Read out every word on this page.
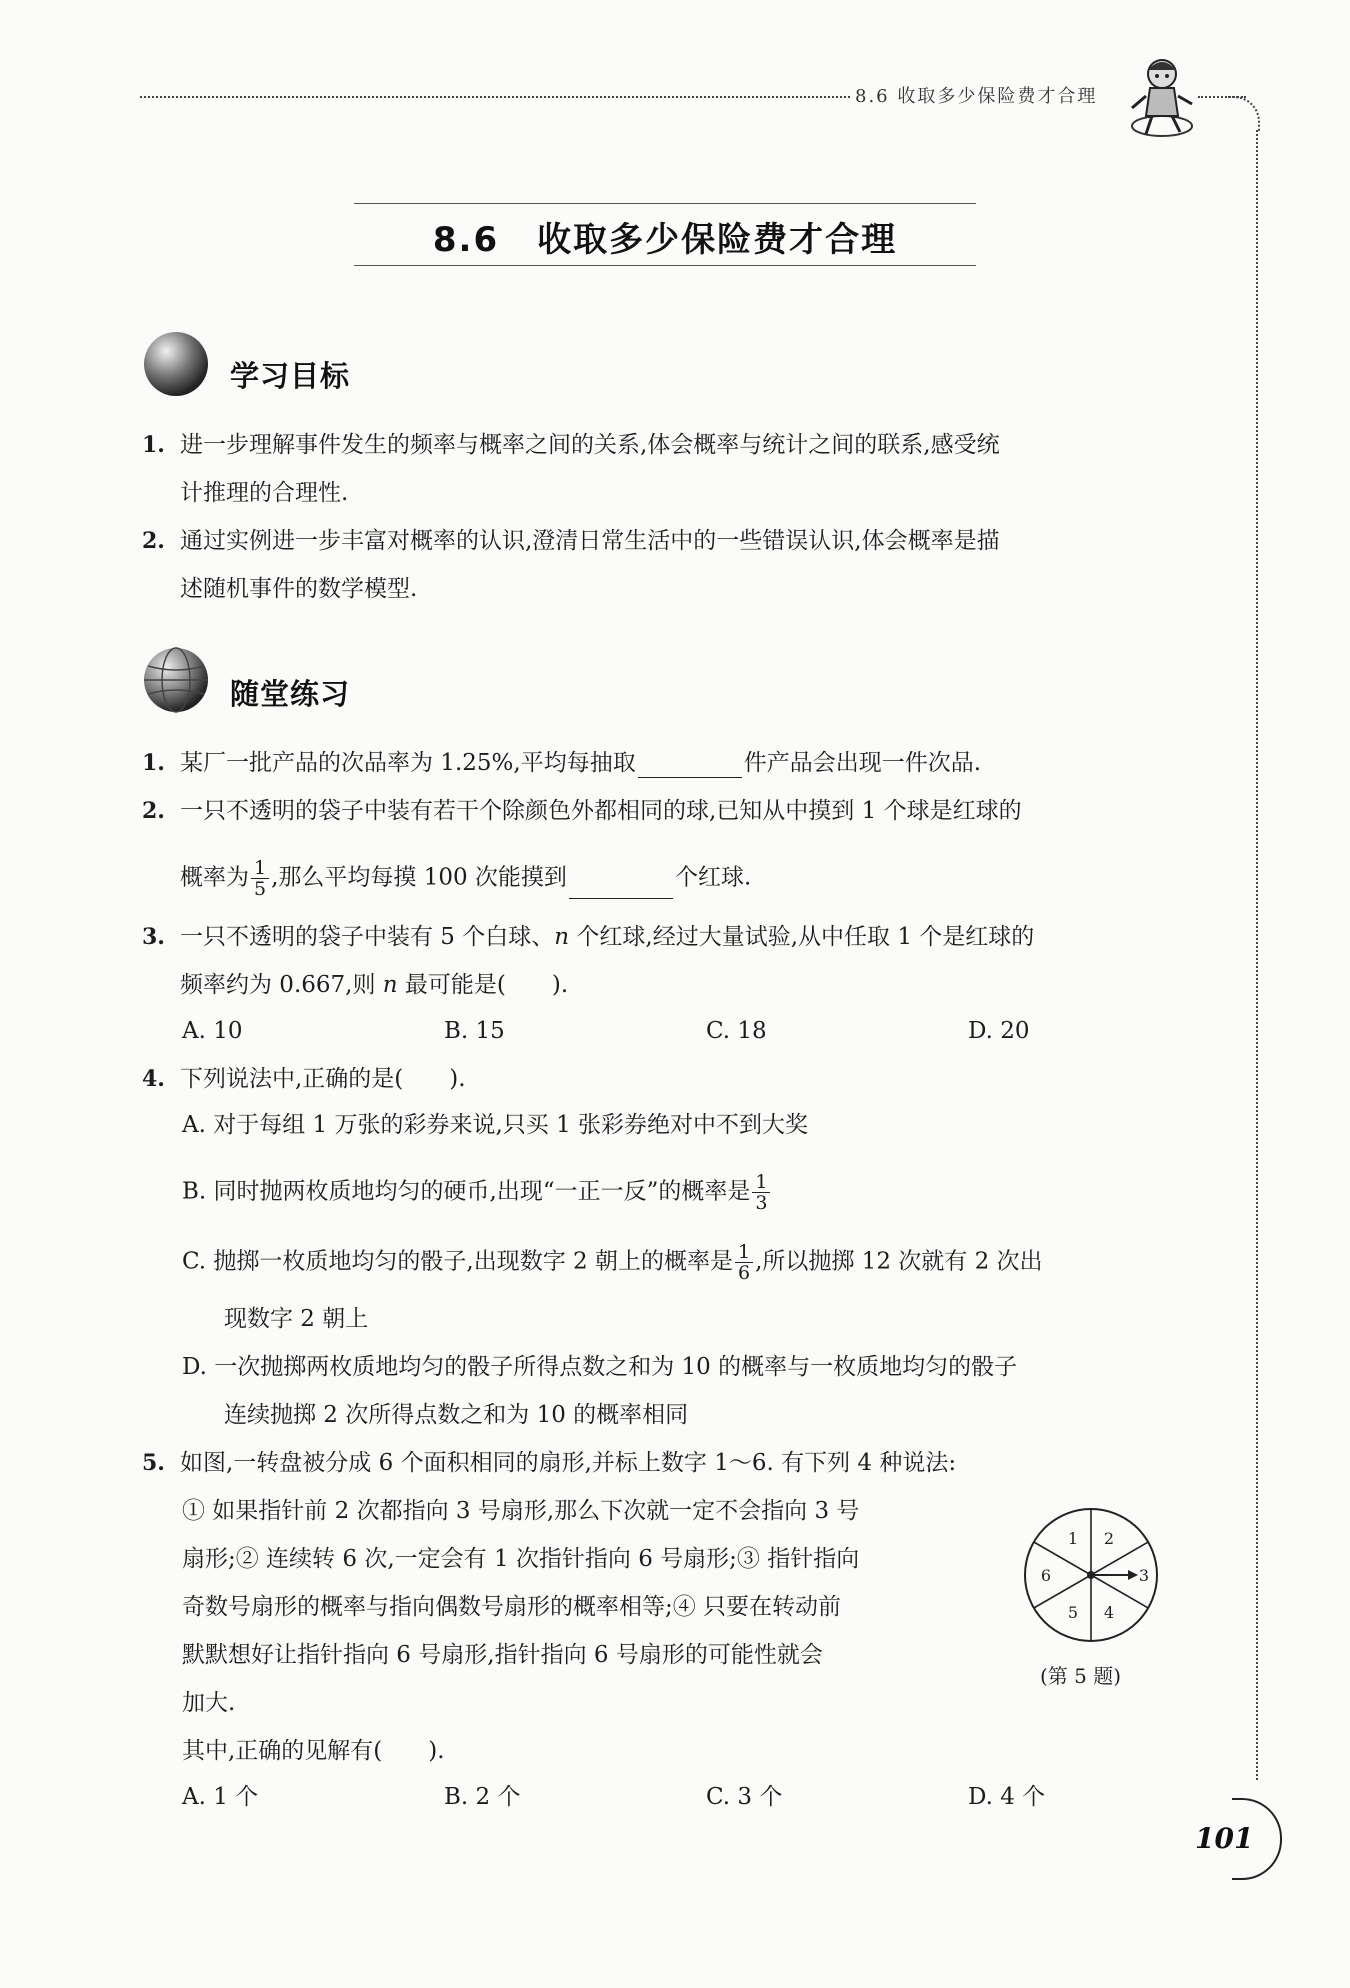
8.6 收取多少保险费才合理
8.6 收取多少保险费才合理
学习目标
1. 进一步理解事件发生的频率与概率之间的关系,体会概率与统计之间的联系,感受统
计推理的合理性.
2. 通过实例进一步丰富对概率的认识,澄清日常生活中的一些错误认识,体会概率是描
述随机事件的数学模型.
随堂练习
1. 某厂一批产品的次品率为 1.25%,平均每抽取	件产品会出现一件次品.
2. 一只不透明的袋子中装有若干个除颜色外都相同的球,已知从中摸到 1 个球是红球的
概率为 $\frac{1}{5}$ ,那么平均每摸 100 次能摸到	个红球.
3. 一只不透明的袋子中装有 5 个白球、n 个红球,经过大量试验,从中任取 1 个是红球的
频率约为 0.667,则 n 最可能是(　　).
A. 10	B. 15	C. 18	D. 20
4. 下列说法中,正确的是(　　).
A. 对于每组 1 万张的彩券来说,只买 1 张彩券绝对中不到大奖
B. 同时抛两枚质地均匀的硬币,出现“一正一反”的概率是 $\frac{1}{3}$
C. 抛掷一枚质地均匀的骰子,出现数字 2 朝上的概率是 $\frac{1}{6}$ ,所以抛掷 12 次就有 2 次出
现数字 2 朝上
D. 一次抛掷两枚质地均匀的骰子所得点数之和为 10 的概率与一枚质地均匀的骰子
连续抛掷 2 次所得点数之和为 10 的概率相同
5. 如图,一转盘被分成 6 个面积相同的扇形,并标上数字 1～6. 有下列 4 种说法:
① 如果指针前 2 次都指向 3 号扇形,那么下次就一定不会指向 3 号
扇形;② 连续转 6 次,一定会有 1 次指针指向 6 号扇形;③ 指针指向
奇数号扇形的概率与指向偶数号扇形的概率相等;④ 只要在转动前
默默想好让指针指向 6 号扇形,指针指向 6 号扇形的可能性就会
加大.
其中,正确的见解有(　　).
A. 1 个	B. 2 个	C. 3 个	D. 4 个
1 2
3
4
5
6
(第 5 题)
101
